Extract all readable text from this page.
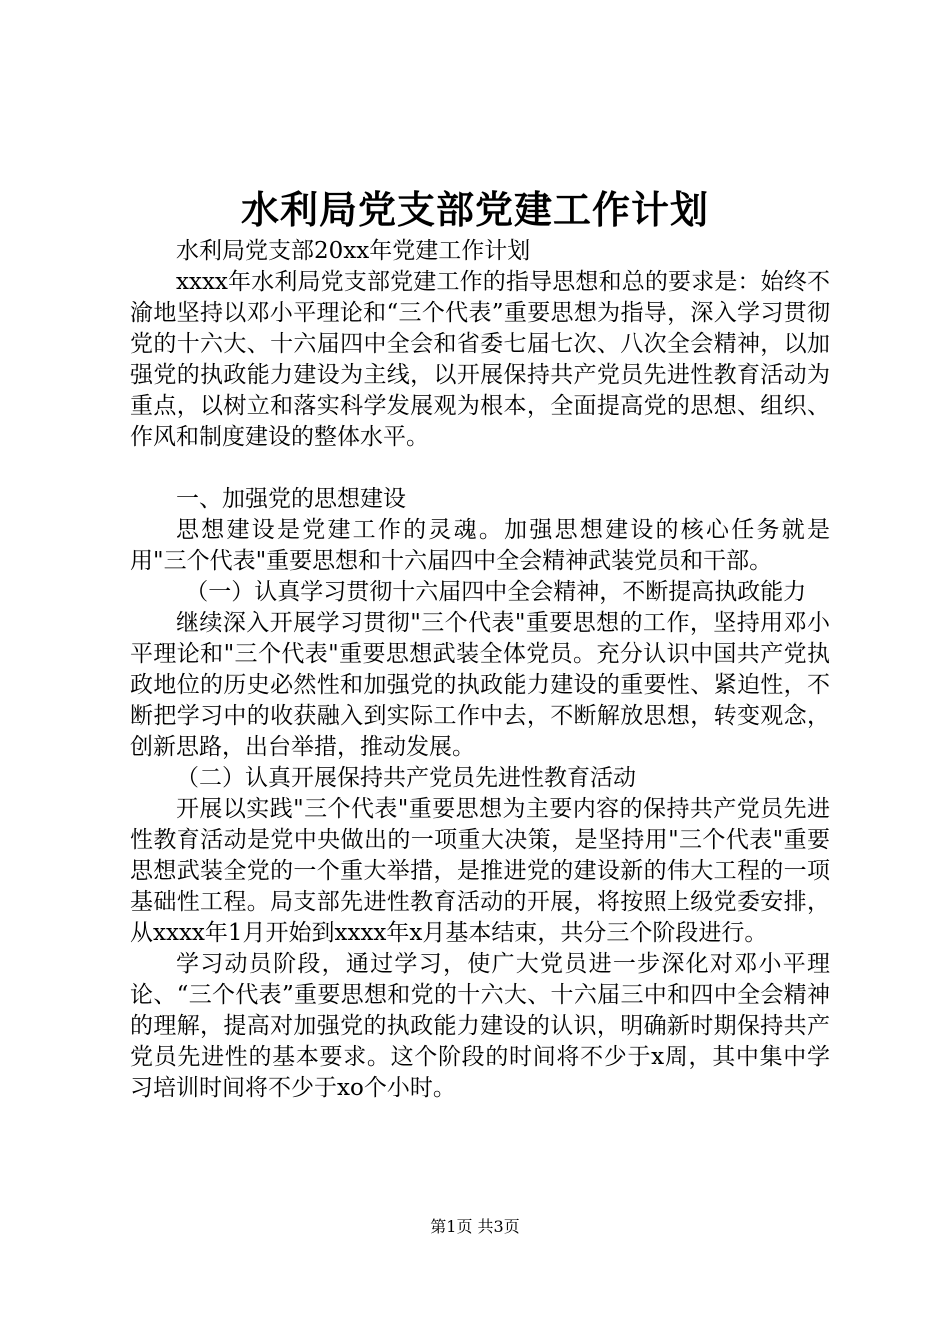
水利局党支部党建工作计划

水利局党支部20xx年党建工作计划

xxxx年水利局党支部党建工作的指导思想和总的要求是：始终不渝地坚持以邓小平理论和“三个代表”重要思想为指导，深入学习贯彻党的十六大、十六届四中全会和省委七届七次、八次全会精神，以加强党的执政能力建设为主线，以开展保持共产党员先进性教育活动为重点，以树立和落实科学发展观为根本，全面提高党的思想、组织、作风和制度建设的整体水平。

一、加强党的思想建设

思想建设是党建工作的灵魂。加强思想建设的核心任务就是用"三个代表"重要思想和十六届四中全会精神武装党员和干部。

（一）认真学习贯彻十六届四中全会精神，不断提高执政能力

继续深入开展学习贯彻"三个代表"重要思想的工作，坚持用邓小平理论和"三个代表"重要思想武装全体党员。充分认识中国共产党执政地位的历史必然性和加强党的执政能力建设的重要性、紧迫性，不断把学习中的收获融入到实际工作中去，不断解放思想，转变观念，创新思路，出台举措，推动发展。

（二）认真开展保持共产党员先进性教育活动

开展以实践"三个代表"重要思想为主要内容的保持共产党员先进性教育活动是党中央做出的一项重大决策，是坚持用"三个代表"重要思想武装全党的一个重大举措，是推进党的建设新的伟大工程的一项基础性工程。局支部先进性教育活动的开展，将按照上级党委安排，从xxxx年1月开始到xxxx年x月基本结束，共分三个阶段进行。

学习动员阶段，通过学习，使广大党员进一步深化对邓小平理论、“三个代表”重要思想和党的十六大、十六届三中和四中全会精神的理解，提高对加强党的执政能力建设的认识，明确新时期保持共产党员先进性的基本要求。这个阶段的时间将不少于x周，其中集中学习培训时间将不少于xo个小时。

第1页 共3页
